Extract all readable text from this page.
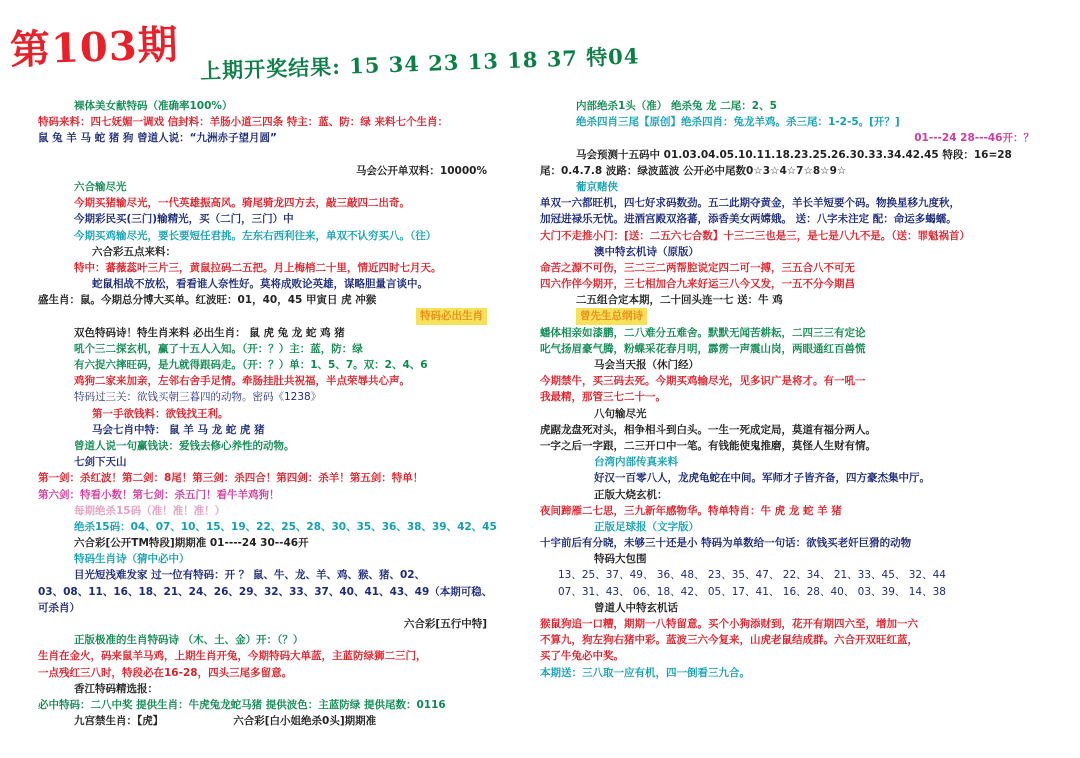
第103期 上期开奖结果: 15 34 23 13 18 37 特04
裸体美女献特码（准确率100%）
特码来料：四七妩媚一调戏 信封料：羊肠小道三四条 特主：蓝、防：绿 来料七个生肖：
鼠 兔 羊 马 蛇 猪 狗 曾道人说：“九洲赤子望月圆”
马会公开单双料：10000%
六合输尽光
今期买猪输尽光，一代英雄振高风。骑尾骑龙四方去，敲三敲四二出奇。
今期彩民买(三门)输精光，买（二门，三门）中
今期买鸡输尽光，要长要短任君挑。左东右西利往来，单双不认穷买八。（往）
六合彩五点来料：
特中：蕃薇蕊叶三片三，黄鼠拉码二五把。月上梅梢二十里，情近四时七月天。
蛇鼠相战不放松，看看谁人奈性好。莫将成败论英雄，谋略胆量言谈中。
盛生肖：鼠。今期总分博大买单。红波旺：01，40，45 甲寅日 虎 冲猴
特码必出生肖
双色特码诗！特生肖来料 必出生肖： 鼠 虎 兔 龙 蛇 鸡 猪
吼个三二探玄机，赢了十五人入知。（开：？）主：蓝，防：绿
有六捉六摔旺码，是九就得跟码走。（开：？）单：1、5、7。双：2、4、6
鸡狗二家来加亲，左邻右舍手足情。牵肠挂肚共祝福，半点荣辱共心声。
特码过三关：欲钱买朝三暮四的动物。密码《1238》
第一手欲钱料：欲钱找王利。
马会七肖中特： 鼠 羊 马 龙 蛇 虎 猪
曾道人说一句赢钱诀：爱钱去修心养性的动物。
七剑下天山
第一剑：杀红波！第二剑：8尾！第三剑：杀四合！第四剑：杀羊！第五剑：特单！
第六剑：特看小数！第七剑：杀五门！看牛羊鸡狗！
每期绝杀15码（准！准！准！）
绝杀15码：04、07、10、15、19、22、25、28、30、35、36、38、39、42、45
六合彩[公开TM特段]期期准 01----24 30--46开
特码生肖诗（猜中必中）
目光短浅难发家 过一位有特码：开 ？ 鼠、牛、龙、羊、鸡、猴、猪、02、
03、08、11、16、18、21、24、26、29、32、33、37、40、41、43、49（本期可稳、
可杀肖）
六合彩[五行中特]
正版极准的生肖特码诗 （木、土、金）开：（？）
生肖在金火，码来鼠羊马鸡，上期生肖开兔，今期特码大单蓝，主蓝防绿狮二三门，
一点残红三八时，特段必在16-28，四头三尾多留意。
香江特码精选报：
必中特码：二八中奖 提供生肖：牛虎兔龙蛇马猪 提供波色：主蓝防绿 提供尾数：0116
九宫禁生肖：【虎】	六合彩[白小姐绝杀0头]期期准
内部绝杀1头（准） 绝杀兔 龙 二尾：2、5
绝杀四肖三尾【原创】绝杀四肖：兔龙羊鸡。杀三尾：1-2-5。[开？]
01---24 28---46开：？
马会预测十五码中 01.03.04.05.10.11.18.23.25.26.30.33.34.42.45 特段：16=28
尾：0.4.7.8 波路：绿波蓝波 公开必中尾数0☆3☆4☆7☆8☆9☆
葡京赌侠
单双一六都旺机，四七好求码数劲。五二此期夺黄金，羊长羊短要个码。物换星移九度秋，
加冠进禄乐无忧。进酒宫殿双洛蕃，添香美女两嫦娥。 送：八字未注定 配：命运多蝎蠕。
大门不走推小门：[送：二五六七合数】十三二三也是三，是七是八九不是。（送：罪魁祸首）
澳中特玄机诗（原版）
命苦之源不可伤，三二三二两帮腔说定四二可一搏，三五合八不可无
四六作伴今期开，三七相加合九来好运三八今又发，一五不分今期昌
二五组合定本期，二十回头连一七 送：牛 鸡
曾先生总纲诗
蟠体相亲如漆鹏，二八难分五难舍。默默无闻苦耕耘，二四三三有定论
叱气扬眉豪气腾，粉蝶采花春月明，霹雳一声震山岗，两眼通红百兽慌
马会当天报（休门经）
今期禁牛，买三码去死。今期买鸡输尽光，见多识广是将才。有一吼一
我最精，那管三七二十一。
八句输尽光
虎踞龙盘死对头，相争相斗到白头。一生一死成定局，莫道有福分两人。
一字之后一字跟，二三开口中一笔。有钱能使鬼推磨，莫怪人生财有情。
台湾内部传真来料
好汉一百零八人，龙虎龟蛇在中间。军师才子皆齐备，四方豪杰集中厅。
正版大烧玄机：
夜间蹄雁二七思，三九新年感物华。特单特肖：牛 虎 龙 蛇 羊 猪
正版足球报（文字版）
十宇前后有分晓，未够三十还是小 特码为单数给一句话：欲钱买老奸巨猾的动物
特码大包围
13、25、37、49、 36、48、 23、35、47、 22、34、 21、33、45、 32、44
07、31、43、 06、18、42、 05、17、41、 16、28、40、 03、39、 14、38
曾道人中特玄机话
猴鼠狗追一口糟，期期一八特留意。买个小狗添财到，花开有期四六至，增加一六
不算九，狗左狗右猪中彩。蓝波三六今复来，山虎老鼠结成群。六合开双旺红蓝，
买了牛兔必中奖。
本期送：三八取一应有机，四一倒看三九合。
